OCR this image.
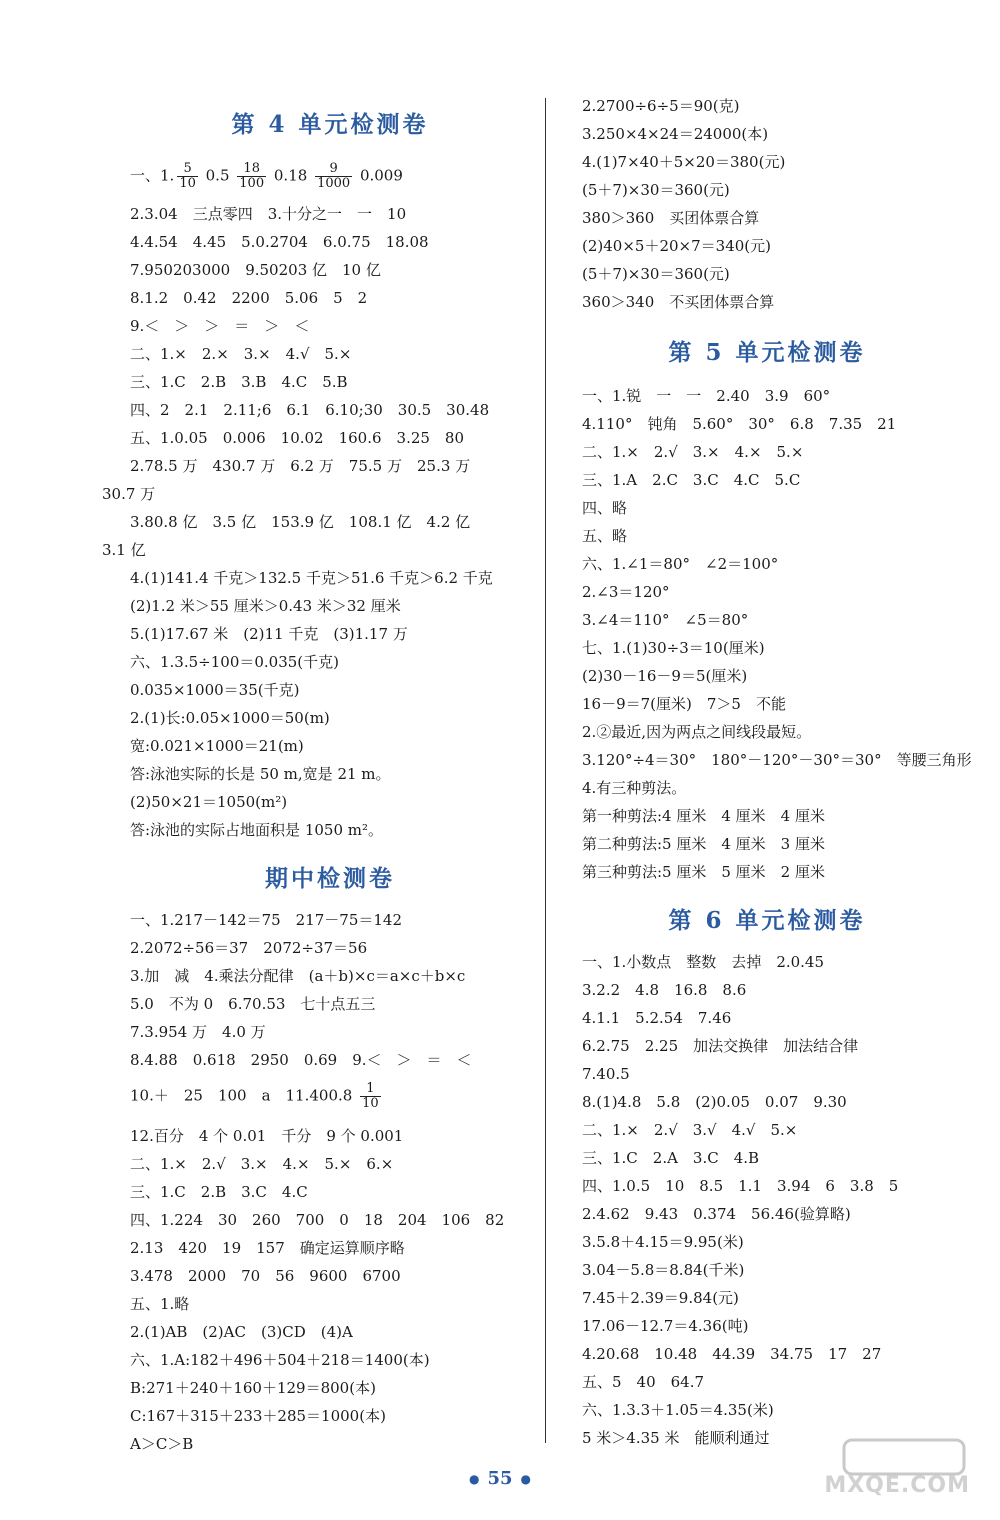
第 4 单元检测卷
一、1. $\frac{5}{10} 0.5 \frac{18}{100} 0.18 \frac{9}{1000} 0.009$
2.3.04　三点零四　3.十分之一　一　10
4.4.54　4.45　5.0.2704　6.0.75　18.08
7.950203000　9.50203 亿　10 亿
8.1.2　0.42　2200　5.06　5　2
9.＜　＞　＞　＝　＞　＜
二、1.×　2.×　3.×　4.√　5.×
三、1.C　2.B　3.B　4.C　5.B
四、2　2.1　2.11;6　6.1　6.10;30　30.5　30.48
五、1.0.05　0.006　10.02　160.6　3.25　80
2.78.5 万　430.7 万　6.2 万　75.5 万　25.3 万
30.7 万
3.80.8 亿　3.5 亿　153.9 亿　108.1 亿　4.2 亿
3.1 亿
4.(1)141.4 千克＞132.5 千克＞51.6 千克＞6.2 千克
(2)1.2 米＞55 厘米＞0.43 米＞32 厘米
5.(1)17.67 米　(2)11 千克　(3)1.17 万
六、1.3.5÷100＝0.035(千克)
0.035×1000＝35(千克)
2.(1)长:0.05×1000＝50(m)
宽:0.021×1000＝21(m)
答:泳池实际的长是 50 m,宽是 21 m。
(2)50×21＝1050(m²)
答:泳池的实际占地面积是 1050 m²。
期中检测卷
一、1.217－142＝75　217－75＝142
2.2072÷56＝37　2072÷37＝56
3.加　减　4.乘法分配律　(a＋b)×c＝a×c＋b×c
5.0　不为 0　6.70.53　七十点五三
7.3.954 万　4.0 万
8.4.88　0.618　2950　0.69　9.＜　＞　＝　＜
10.＋　25　100　a　$11.400.8 \frac{1}{10}$
12.百分　4 个 0.01　千分　9 个 0.001
二、1.×　2.√　3.×　4.×　5.×　6.×
三、1.C　2.B　3.C　4.C
四、1.224　30　260　700　0　18　204　106　82
2.13　420　19　157　确定运算顺序略
3.478　2000　70　56　9600　6700
五、1.略
2.(1)AB　(2)AC　(3)CD　(4)A
六、1.A:182＋496＋504＋218＝1400(本)
B:271＋240＋160＋129＝800(本)
C:167＋315＋233＋285＝1000(本)
A＞C＞B
2.2700÷6÷5＝90(克)
3.250×4×24＝24000(本)
4.(1)7×40＋5×20＝380(元)
(5＋7)×30＝360(元)
380＞360　买团体票合算
(2)40×5＋20×7＝340(元)
(5＋7)×30＝360(元)
360＞340　不买团体票合算
第 5 单元检测卷
一、1.锐　一　一　2.40　3.9　60°
4.110°　钝角　5.60°　30°　6.8　7.35　21
二、1.×　2.√　3.×　4.×　5.×
三、1.A　2.C　3.C　4.C　5.C
四、略
五、略
六、1.∠1＝80°　∠2＝100°
2.∠3＝120°
3.∠4＝110°　∠5＝80°
七、1.(1)30÷3＝10(厘米)
(2)30－16－9＝5(厘米)
16－9＝7(厘米)　7＞5　不能
2.②最近,因为两点之间线段最短。
3.120°÷4＝30°　180°－120°－30°＝30°　等腰三角形
4.有三种剪法。
第一种剪法:4 厘米　4 厘米　4 厘米
第二种剪法:5 厘米　4 厘米　3 厘米
第三种剪法:5 厘米　5 厘米　2 厘米
第 6 单元检测卷
一、1.小数点　整数　去掉　2.0.45
3.2.2　4.8　16.8　8.6
4.1.1　5.2.54　7.46
6.2.75　2.25　加法交换律　加法结合律
7.40.5
8.(1)4.8　5.8　(2)0.05　0.07　9.30
二、1.×　2.√　3.√　4.√　5.×
三、1.C　2.A　3.C　4.B
四、1.0.5　10　8.5　1.1　3.94　6　3.8　5
2.4.62　9.43　0.374　56.46(验算略)
3.5.8＋4.15＝9.95(米)
3.04－5.8＝8.84(千米)
7.45＋2.39＝9.84(元)
17.06－12.7＝4.36(吨)
4.20.68　10.48　44.39　34.75　17　27
五、5　40　64.7
六、1.3.3＋1.05＝4.35(米)
5 米＞4.35 米　能顺利通过
● 55 ●	MXQE.COM
